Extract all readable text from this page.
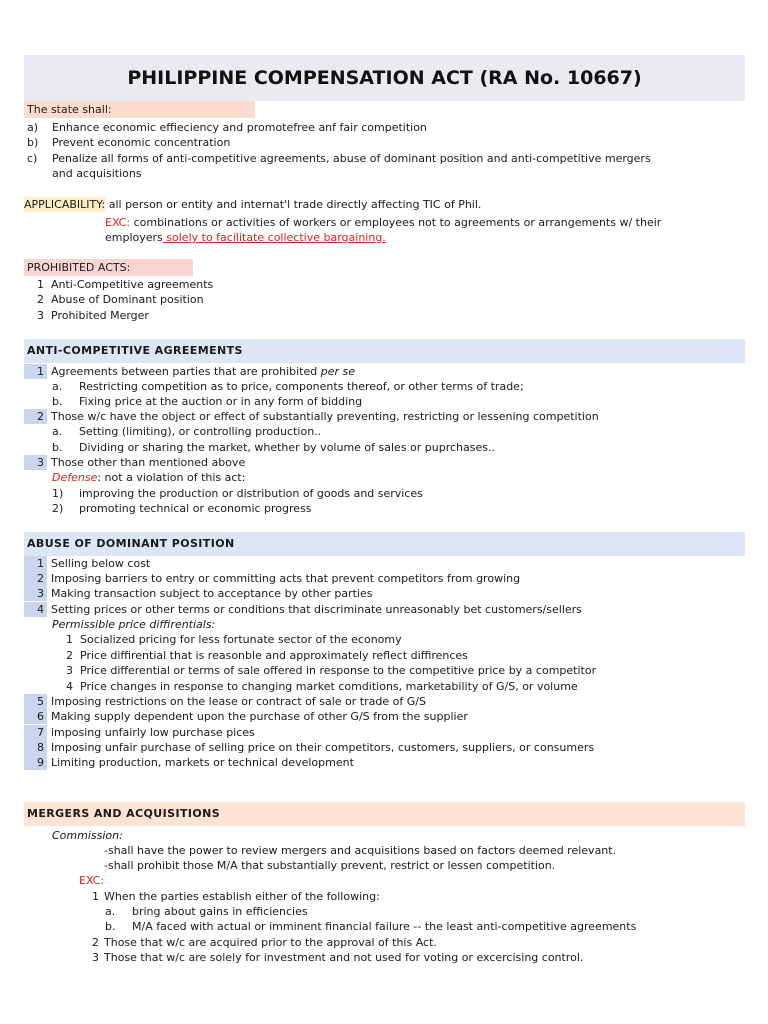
PHILIPPINE COMPENSATION ACT (RA No. 10667)
The state shall:
a) Enhance economic effieciency and promotefree anf fair competition
b) Prevent economic concentration
c) Penalize all forms of anti-competitive agreements, abuse of dominant position and anti-competitive mergers
and acquisitions
APPLICABILITY: all person or entity and internat'l trade directly affecting TIC of Phil.
EXC: combinations or activities of workers or employees not to agreements or arrangements w/ their
employers solely to facilitate collective bargaining.
PROHIBITED ACTS:
1 Anti-Competitive agreements
2 Abuse of Dominant position
3 Prohibited Merger
ANTI-COMPETITIVE AGREEMENTS
1 Agreements between parties that are prohibited per se
a. Restricting competition as to price, components thereof, or other terms of trade;
b. Fixing price at the auction or in any form of bidding
2 Those w/c have the object or effect of substantially preventing, restricting or lessening competition
a. Setting (limiting), or controlling production..
b. Dividing or sharing the market, whether by volume of sales or puprchases..
3 Those other than mentioned above
Defense: not a violation of this act:
1) improving the production or distribution of goods and services
2) promoting technical or economic progress
ABUSE OF DOMINANT POSITION
1 Selling below cost
2 Imposing barriers to entry or committing acts that prevent competitors from growing
3 Making transaction subject to acceptance by other parties
4 Setting prices or other terms or conditions that discriminate unreasonably bet customers/sellers
Permissible price diffirentials:
1 Socialized pricing for less fortunate sector of the economy
2 Price diffirential that is reasonble and approximately reflect diffirences
3 Price differential or terms of sale offered in response to the competitive price by a competitor
4 Price changes in response to changing market comditions, marketability of G/S, or volume
5 Imposing restrictions on the lease or contract of sale or trade of G/S
6 Making supply dependent upon the purchase of other G/S from the supplier
7 imposing unfairly low purchase pices
8 Imposing unfair purchase of selling price on their competitors, customers, suppliers, or consumers
9 Limiting production, markets or technical development
MERGERS AND ACQUISITIONS
Commission:
-shall have the power to review mergers and acquisitions based on factors deemed relevant.
-shall prohibit those M/A that substantially prevent, restrict or lessen competition.
EXC:
1 When the parties establish either of the following:
a. bring about gains in efficiencies
b. M/A faced with actual or imminent financial failure -- the least anti-competitive agreements
2 Those that w/c are acquired prior to the approval of this Act.
3 Those that w/c are solely for investment and not used for voting or excercising control.
